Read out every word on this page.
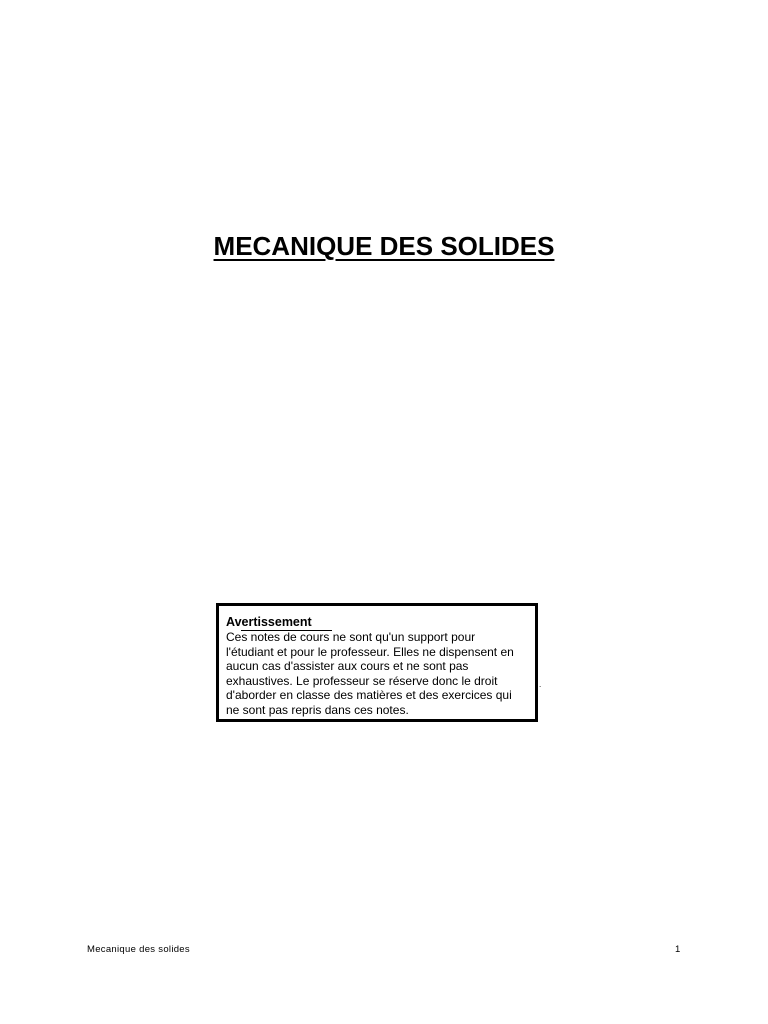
MECANIQUE DES SOLIDES

Avertissement

Ces notes de cours ne sont qu'un support pour
l'étudiant et pour le professeur. Elles ne dispensent en
aucun cas d'assister aux cours et ne sont pas
exhaustives. Le professeur se réserve donc le droit
d'aborder en classe des matières et des exercices qui
ne sont pas repris dans ces notes.

.
Mecanique des solides	1
